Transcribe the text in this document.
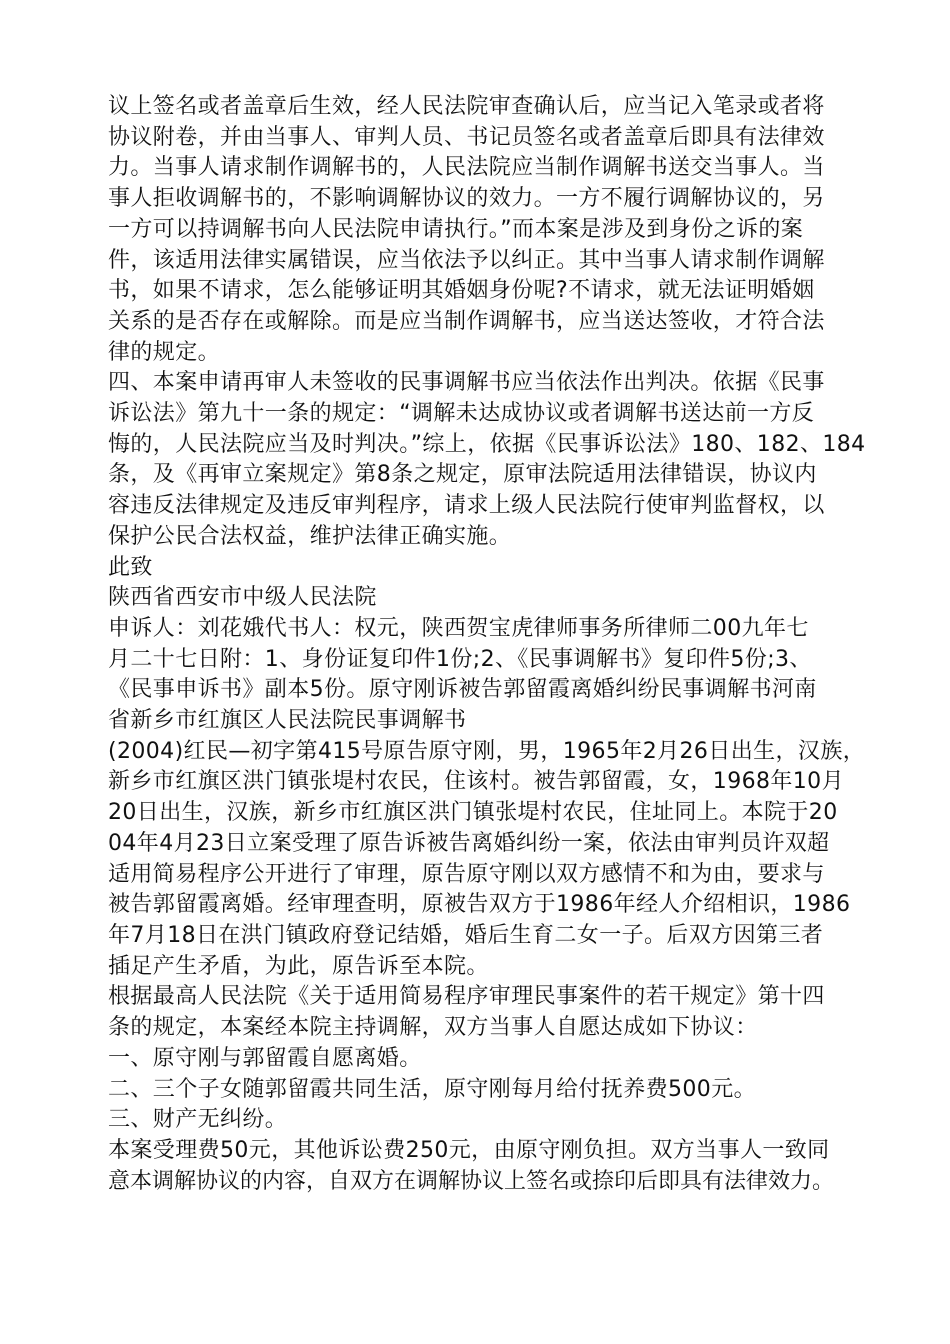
议上签名或者盖章后生效，经人民法院审查确认后，应当记入笔录或者将
协议附卷，并由当事人、审判人员、书记员签名或者盖章后即具有法律效
力。当事人请求制作调解书的，人民法院应当制作调解书送交当事人。当
事人拒收调解书的，不影响调解协议的效力。一方不履行调解协议的，另
一方可以持调解书向人民法院申请执行。”而本案是涉及到身份之诉的案
件，该适用法律实属错误，应当依法予以纠正。其中当事人请求制作调解
书，如果不请求，怎么能够证明其婚姻身份呢?不请求，就无法证明婚姻
关系的是否存在或解除。而是应当制作调解书，应当送达签收，才符合法
律的规定。
四、本案申请再审人未签收的民事调解书应当依法作出判决。依据《民事
诉讼法》第九十一条的规定：“调解未达成协议或者调解书送达前一方反
悔的，人民法院应当及时判决。”综上，依据《民事诉讼法》180、182、184
条，及《再审立案规定》第8条之规定，原审法院适用法律错误，协议内
容违反法律规定及违反审判程序，请求上级人民法院行使审判监督权，以
保护公民合法权益，维护法律正确实施。
此致
陕西省西安市中级人民法院
申诉人：刘花娥代书人：权元，陕西贺宝虎律师事务所律师二00九年七
月二十七日附：1、身份证复印件1份;2、《民事调解书》复印件5份;3、
《民事申诉书》副本5份。原守刚诉被告郭留霞离婚纠纷民事调解书河南
省新乡市红旗区人民法院民事调解书
(2004)红民—初字第415号原告原守刚，男，1965年2月26日出生，汉族，
新乡市红旗区洪门镇张堤村农民，住该村。被告郭留霞，女，1968年10月
20日出生，汉族，新乡市红旗区洪门镇张堤村农民，住址同上。本院于20
04年4月23日立案受理了原告诉被告离婚纠纷一案，依法由审判员许双超
适用简易程序公开进行了审理，原告原守刚以双方感情不和为由，要求与
被告郭留霞离婚。经审理查明，原被告双方于1986年经人介绍相识，1986
年7月18日在洪门镇政府登记结婚，婚后生育二女一子。后双方因第三者
插足产生矛盾，为此，原告诉至本院。
根据最高人民法院《关于适用简易程序审理民事案件的若干规定》第十四
条的规定，本案经本院主持调解，双方当事人自愿达成如下协议：
一、原守刚与郭留霞自愿离婚。
二、三个子女随郭留霞共同生活，原守刚每月给付抚养费500元。
三、财产无纠纷。
本案受理费50元，其他诉讼费250元，由原守刚负担。双方当事人一致同
意本调解协议的内容，自双方在调解协议上签名或捺印后即具有法律效力。
